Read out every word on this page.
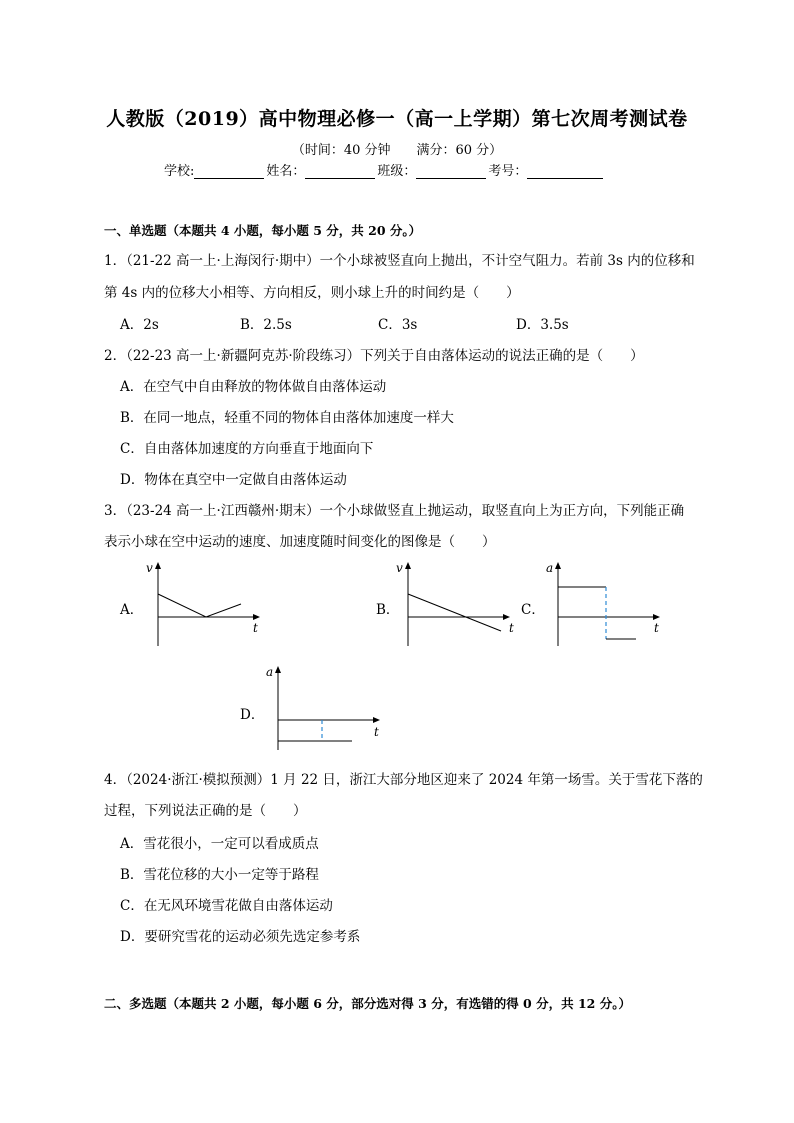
人教版（2019）高中物理必修一（高一上学期）第七次周考测试卷
（时间：40 分钟　　满分：60 分）
学校:	姓名：	班级：	考号：
一、单选题（本题共 4 小题，每小题 5 分，共 20 分。）
1．（21-22 高一上·上海闵行·期中）一个小球被竖直向上抛出，不计空气阻力。若前 3s 内的位移和
第 4s 内的位移大小相等、方向相反，则小球上升的时间约是（　　）
A．2s	B．2.5s	C．3s	D．3.5s
2．（22-23 高一上·新疆阿克苏·阶段练习）下列关于自由落体运动的说法正确的是（　　）
A．在空气中自由释放的物体做自由落体运动
B．在同一地点，轻重不同的物体自由落体加速度一样大
C．自由落体加速度的方向垂直于地面向下
D．物体在真空中一定做自由落体运动
3．（23-24 高一上·江西赣州·期末）一个小球做竖直上抛运动，取竖直向上为正方向，下列能正确
表示小球在空中运动的速度、加速度随时间变化的图像是（　　）
A．
v
t
B．
v
t
C．
a
t
D．
a
t
4．（2024·浙江·模拟预测）1 月 22 日，浙江大部分地区迎来了 2024 年第一场雪。关于雪花下落的
过程，下列说法正确的是（　　）
A．雪花很小，一定可以看成质点
B．雪花位移的大小一定等于路程
C．在无风环境雪花做自由落体运动
D．要研究雪花的运动必须先选定参考系
二、多选题（本题共 2 小题，每小题 6 分，部分选对得 3 分，有选错的得 0 分，共 12 分。）
